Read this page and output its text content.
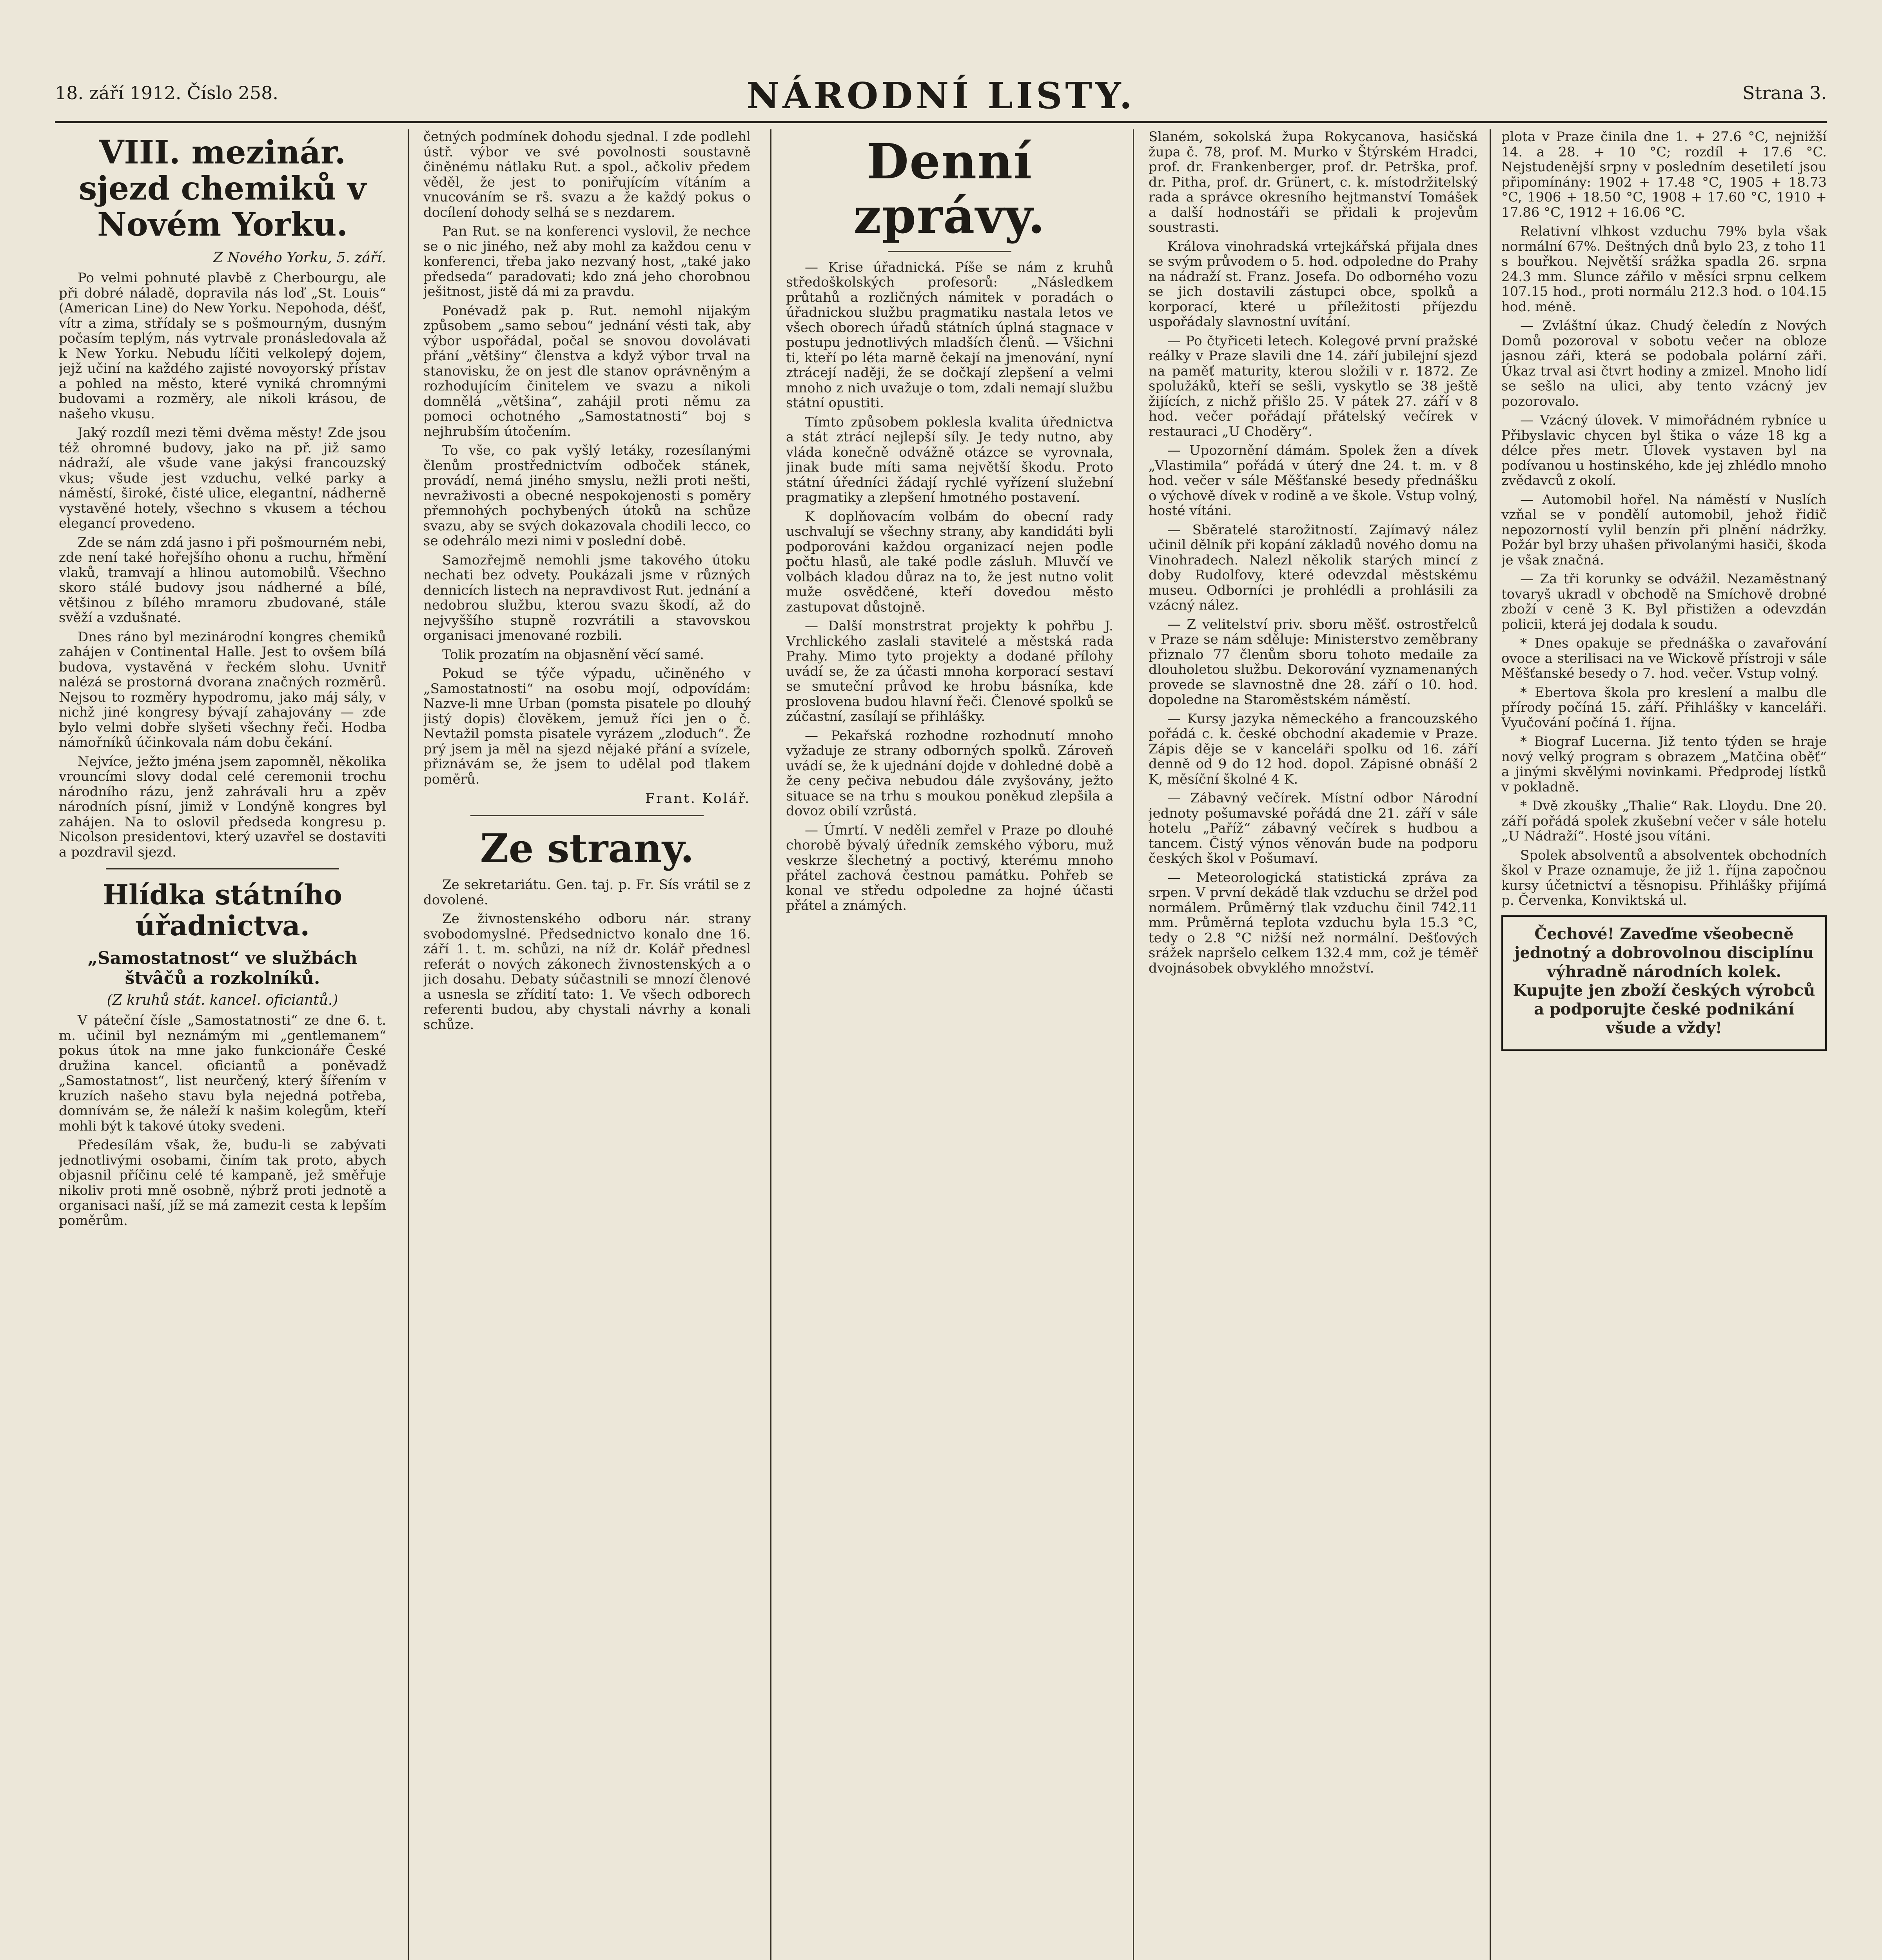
18. září 1912. Číslo 258.	NÁRODNÍ LISTY.	Strana 3.
VIII. mezinár. sjezd chemiků v Novém Yorku.
Z Nového Yorku, 5. září.

Po velmi pohnuté plavbě z Cherbourgu, ale při dobré náladě, dopravila nás loď „St. Louis“ (American Line) do New Yorku. Nepohoda, déšť, vítr a zima, střídaly se s pošmourným, dusným počasím teplým, nás vytrvale pronásledovala až k New Yorku. Nebudu líčiti velkolepý dojem, jejž učiní na každého zajisté novoyorský přístav a pohled na město, které vyniká chromnými budovami a rozměry, ale nikoli krásou, de našeho vkusu.

Jaký rozdíl mezi těmi dvěma městy! Zde jsou též ohromné budovy, jako na př. již samo nádraží, ale všude vane jakýsi francouzský vkus; všude jest vzduchu, velké parky a náměstí, široké, čisté ulice, elegantní, nádherně vystavěné hotely, všechno s vkusem a téchou elegancí provedeno.

Zde se nám zdá jasno i při pošmourném nebi, zde není také hořejšího ohonu a ruchu, hřmění vlaků, tramvají a hlinou automobilů. Všechno skoro stálé budovy jsou nádherné a bílé, většinou z bílého mramoru zbudované, stále svěží a vzdušnaté.

Dnes ráno byl mezinárodní kongres chemiků zahájen v Continental Halle. Jest to ovšem bílá budova, vystavěná v řeckém slohu. Uvnitř nalézá se prostorná dvorana značných rozměrů. Nejsou to rozměry hypodromu, jako máj sály, v nichž jiné kongresy bývají zahajovány — zde bylo velmi dobře slyšeti všechny řeči. Hodba námořníků účinkovala nám dobu čekání.

Nejvíce, ježto jména jsem zapomněl, několika vrouncími slovy dodal celé ceremonii trochu národního rázu, jenž zahrávali hru a zpěv národních písní, jimiž v Londýně kongres byl zahájen. Na to oslovil předseda kongresu p. Nicolson presidentovi, který uzavřel se dostaviti a pozdravil sjezd.

Hlídka státního úřadnictva.
„Samostatnost“ ve službách štvâčů a rozkolníků.
(Z kruhů stát. kancel. oficiantů.)

V páteční čísle „Samostatnosti“ ze dne 6. t. m. učinil byl neznámým mi „gentlemanem“ pokus útok na mne jako funkcionáře České družina kancel. oficiantů a poněvadž „Samostatnost“, list neurčený, který šířením v kruzích našeho stavu byla nejedná potřeba, domnívám se, že náleží k našim kolegům, kteří mohli být k takové útoky svedeni.

Předesílám však, že, budu-li se zabývati jednotlivými osobami, činím tak proto, abych objasnil příčinu celé té kampaně, jež směřuje nikoliv proti mně osobně, nýbrž proti jednotě a organisaci naší, jíž se má zamezit cesta k lepším poměrům.

četných podmínek dohodu sjednal. I zde podlehl ústř. výbor ve své povolnosti soustavně činěnému nátlaku Rut. a spol., ačkoliv předem věděl, že jest to poniřujícím vítáním a vnucováním se rš. svazu a že každý pokus o docílení dohody selhá se s nezdarem.

Pan Rut. se na konferenci vyslovil, že nechce se o nic jiného, než aby mohl za každou cenu v konferenci, třeba jako nezvaný host, „také jako předseda“ paradovati; kdo zná jeho chorobnou ješitnost, jistě dá mi za pravdu.

Ponévadž pak p. Rut. nemohl nijakým způsobem „samo sebou“ jednání vésti tak, aby výbor uspořádal, počal se snovou dovolávati přání „většiny“ členstva a když výbor trval na stanovisku, že on jest dle stanov oprávněným a rozhodujícím činitelem ve svazu a nikoli domnělá „většina“, zahájil proti němu za pomoci ochotného „Samostatnosti“ boj s nejhrubším útočením.

To vše, co pak vyšlý letáky, rozesílanými členům prostřednictvím odboček stánek, provádí, nemá jiného smyslu, nežli proti nešti, nevraživosti a obecné nespokojenosti s poměry přemnohých pochybených útoků na schůze svazu, aby se svých dokazovala chodili lecco, co se odehrálo mezi nimi v poslední době.

Samozřejmě nemohli jsme takového útoku nechati bez odvety. Poukázali jsme v různých dennicích listech na nepravdivost Rut. jednání a nedobrou službu, kterou svazu škodí, až do nejvyššího stupně rozvrátili a stavovskou organisaci jmenované rozbili.

Tolik prozatím na objasnění věcí samé.

Pokud se týče výpadu, učiněného v „Samostatnosti“ na osobu mojí, odpovídám: Nazve-li mne Urban (pomsta pisatele po dlouhý jistý dopis) člověkem, jemuž říci jen o č. Nevtažil pomsta pisatele vyrázem „zloduch“. Že prý jsem ja měl na sjezd nějaké přání a svízele, přiznávám se, že jsem to udělal pod tlakem poměrů.

Frant. Kolář.
Ze strany.

Ze sekretariátu. Gen. taj. p. Fr. Sís vrátil se z dovolené.

Ze živnostenského odboru nár. strany svobodomyslné. Předsednictvo konalo dne 16. září 1. t. m. schůzi, na níž dr. Kolář přednesl referát o nových zákonech živnostenských a o jich dosahu. Debaty súčastnili se mnozí členové a usnesla se zřídití tato: 1. Ve všech odborech referenti budou, aby chystali návrhy a konali schůze.

Denní zprávy.

— Krise úřadnická. Píše se nám z kruhů středoškolských profesorů: „Následkem průtahů a rozličných námitek v poradách o úřadnickou službu pragmatiku nastala letos ve všech oborech úřadů státních úplná stagnace v postupu jednotlivých mladších členů. — Všichni ti, kteří po léta marně čekají na jmenování, nyní ztrácejí naději, že se dočkají zlepšení a velmi mnoho z nich uvažuje o tom, zdali nemají službu státní opustiti.

Tímto způsobem poklesla kvalita úřednictva a stát ztrácí nejlepší síly. Je tedy nutno, aby vláda konečně odvážně otázce se vyrovnala, jinak bude míti sama největší škodu. Proto státní úředníci žádají rychlé vyřízení služební pragmatiky a zlepšení hmotného postavení.

K doplňovacím volbám do obecní rady uschvalují se všechny strany, aby kandidáti byli podporováni každou organizací nejen podle počtu hlasů, ale také podle zásluh. Mluvčí ve volbách kladou důraz na to, že jest nutno volit muže osvědčené, kteří dovedou město zastupovat důstojně.

— Další monstrstrat projekty k pohřbu J. Vrchlického zaslali stavitelé a městská rada Prahy. Mimo tyto projekty a dodané přílohy uvádí se, že za účasti mnoha korporací sestaví se smuteční průvod ke hrobu básníka, kde proslovena budou hlavní řeči. Členové spolků se zúčastní, zasílají se přihlášky.

— Pekařská rozhodne rozhodnutí mnoho vyžaduje ze strany odborných spolků. Zároveň uvádí se, že k ujednání dojde v dohledné době a že ceny pečiva nebudou dále zvyšovány, ježto situace se na trhu s moukou poněkud zlepšila a dovoz obilí vzrůstá.

— Úmrtí. V neděli zemřel v Praze po dlouhé chorobě bývalý úředník zemského výboru, muž veskrze šlechetný a poctivý, kterému mnoho přátel zachová čestnou památku. Pohřeb se konal ve středu odpoledne za hojné účasti přátel a známých.

Slaném, sokolská župa Rokycanova, hasičská župa č. 78, prof. M. Murko v Štýrském Hradci, prof. dr. Frankenberger, prof. dr. Petrška, prof. dr. Pitha, prof. dr. Grünert, c. k. místodržitelský rada a správce okresního hejtmanství Tomášek a další hodnostáři se přidali k projevům soustrasti.

Králova vinohradská vrtejkářská přijala dnes se svým průvodem o 5. hod. odpoledne do Prahy na nádraží st. Franz. Josefa. Do odborného vozu se jich dostavili zástupci obce, spolků a korporací, které u příležitosti příjezdu uspořádaly slavnostní uvítání.

— Po čtyřiceti letech. Kolegové první pražské reálky v Praze slavili dne 14. září jubilejní sjezd na paměť maturity, kterou složili v r. 1872. Ze spolužáků, kteří se sešli, vyskytlo se 38 ještě žijících, z nichž přišlo 25. V pátek 27. září v 8 hod. večer pořádají přátelský večírek v restauraci „U Choděry“.

— Upozornění dámám. Spolek žen a dívek „Vlastimila“ pořádá v úterý dne 24. t. m. v 8 hod. večer v sále Měšťanské besedy přednášku o výchově dívek v rodině a ve škole. Vstup volný, hosté vítáni.

— Sběratelé starožitností. Zajímavý nález učinil dělník při kopání základů nového domu na Vinohradech. Nalezl několik starých mincí z doby Rudolfovy, které odevzdal městskému museu. Odborníci je prohlédli a prohlásili za vzácný nález.

— Z velitelství priv. sboru měšť. ostrostřelců v Praze se nám sděluje: Ministerstvo zeměbrany přiznalo 77 členům sboru tohoto medaile za dlouholetou službu. Dekorování vyznamenaných provede se slavnostně dne 28. září o 10. hod. dopoledne na Staroměstském náměstí.

— Kursy jazyka německého a francouzského pořádá c. k. české obchodní akademie v Praze. Zápis děje se v kanceláři spolku od 16. září denně od 9 do 12 hod. dopol. Zápisné obnáší 2 K, měsíční školné 4 K.

— Zábavný večírek. Místní odbor Národní jednoty pošumavské pořádá dne 21. září v sále hotelu „Paříž“ zábavný večírek s hudbou a tancem. Čistý výnos věnován bude na podporu českých škol v Pošumaví.

— Meteorologická statistická zpráva za srpen. V první dekádě tlak vzduchu se držel pod normálem. Průměrný tlak vzduchu činil 742.11 mm. Průměrná teplota vzduchu byla 15.3 °C, tedy o 2.8 °C nižší než normální. Dešťových srážek napršelo celkem 132.4 mm, což je téměř dvojnásobek obvyklého množství.

plota v Praze činila dne 1. + 27.6 °C, nejnižší 14. a 28. + 10 °C; rozdíl + 17.6 °C. Nejstudenější srpny v posledním desetiletí jsou připomínány: 1902 + 17.48 °C, 1905 + 18.73 °C, 1906 + 18.50 °C, 1908 + 17.60 °C, 1910 + 17.86 °C, 1912 + 16.06 °C.

Relativní vlhkost vzduchu 79% byla však normální 67%. Deštných dnů bylo 23, z toho 11 s bouřkou. Největší srážka spadla 26. srpna 24.3 mm. Slunce zářilo v měsíci srpnu celkem 107.15 hod., proti normálu 212.3 hod. o 104.15 hod. méně.

— Zvláštní úkaz. Chudý čeledín z Nových Domů pozoroval v sobotu večer na obloze jasnou záři, která se podobala polární záři. Úkaz trval asi čtvrt hodiny a zmizel. Mnoho lidí se sešlo na ulici, aby tento vzácný jev pozorovalo.

— Vzácný úlovek. V mimořádném rybníce u Přibyslavic chycen byl štika o váze 18 kg a délce přes metr. Úlovek vystaven byl na podívanou u hostinského, kde jej zhlédlo mnoho zvědavců z okolí.

— Automobil hořel. Na náměstí v Nuslích vzňal se v pondělí automobil, jehož řidič nepozorností vylil benzín při plnění nádržky. Požár byl brzy uhašen přivolanými hasiči, škoda je však značná.

— Za tři korunky se odvážil. Nezaměstnaný tovaryš ukradl v obchodě na Smíchově drobné zboží v ceně 3 K. Byl přistižen a odevzdán policii, která jej dodala k soudu.

* Dnes opakuje se přednáška o zavařování ovoce a sterilisaci na ve Wickově přístroji v sále Měšťanské besedy o 7. hod. večer. Vstup volný.

* Ebertova škola pro kreslení a malbu dle přírody počíná 15. září. Přihlášky v kanceláři. Vyučování počíná 1. října.

* Biograf Lucerna. Již tento týden se hraje nový velký program s obrazem „Matčina oběť“ a jinými skvělými novinkami. Předprodej lístků v pokladně.

* Dvě zkoušky „Thalie“ Rak. Lloydu. Dne 20. září pořádá spolek zkušební večer v sále hotelu „U Nádraží“. Hosté jsou vítáni.

Spolek absolventů a absolventek obchodních škol v Praze oznamuje, že již 1. října započnou kursy účetnictví a těsnopisu. Přihlášky přijímá p. Červenka, Konviktská ul.

Čechové! Zaveďme všeobecně jednotný a dobrovolnou disciplínu výhradně národních kolek. Kupujte jen zboží českých výrobců a podporujte české podnikání všude a vždy!
